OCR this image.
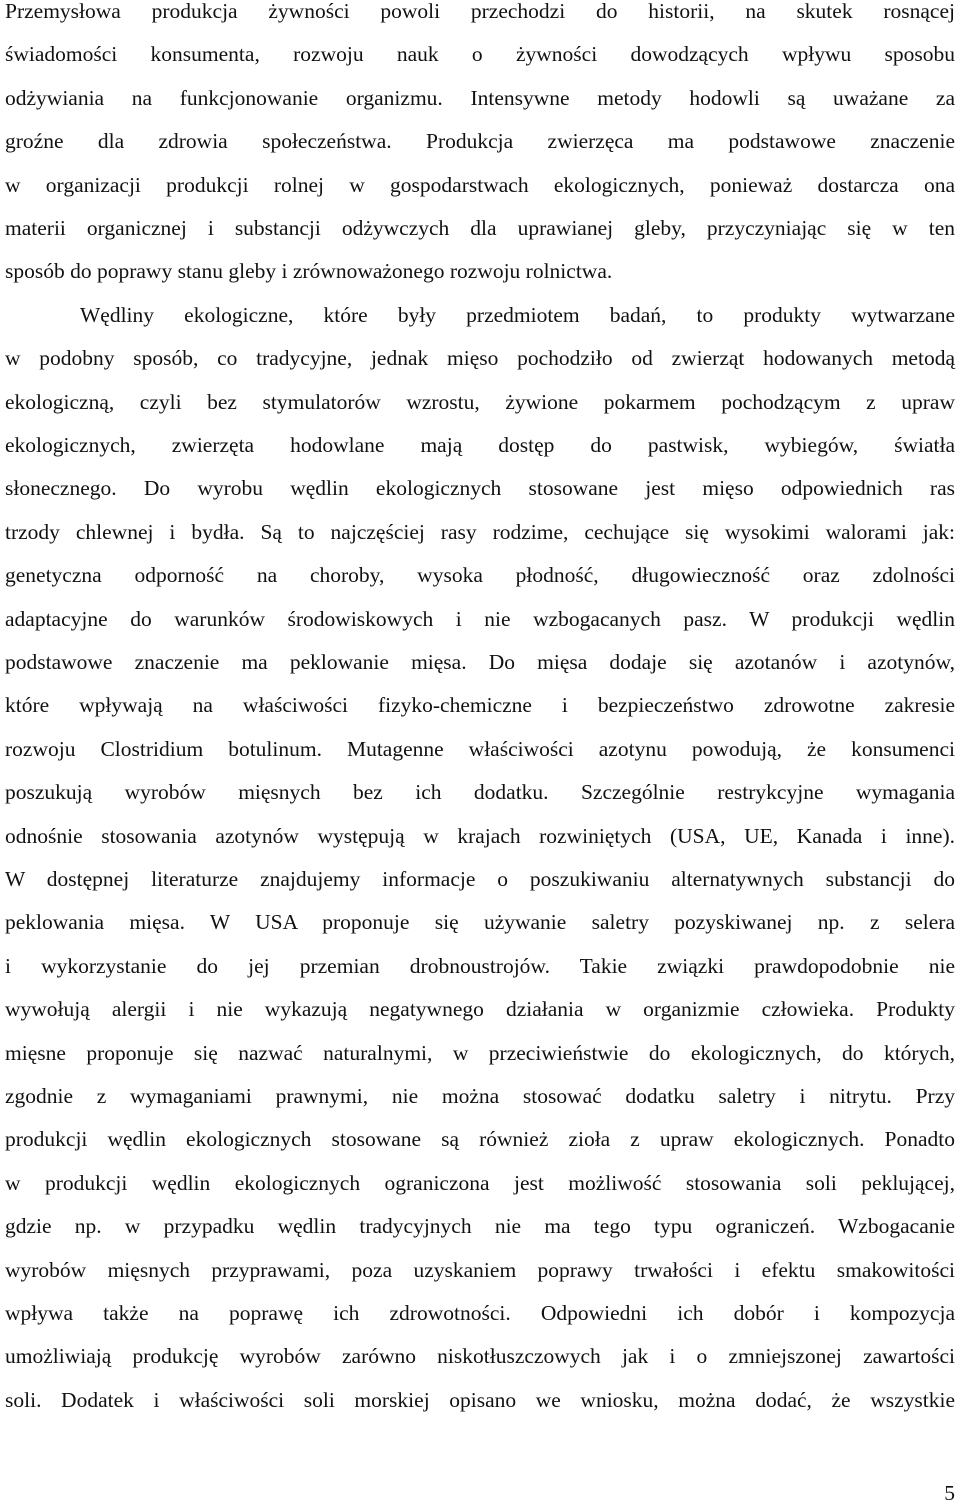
Przemysłowa produkcja żywności powoli przechodzi do historii, na skutek rosnącej
świadomości konsumenta, rozwoju nauk o żywności dowodzących wpływu sposobu
odżywiania na funkcjonowanie organizmu. Intensywne metody hodowli są uważane za
groźne dla zdrowia społeczeństwa. Produkcja zwierzęca ma podstawowe znaczenie
w organizacji produkcji rolnej w gospodarstwach ekologicznych, ponieważ dostarcza ona
materii organicznej i substancji odżywczych dla uprawianej gleby, przyczyniając się w ten
sposób do poprawy stanu gleby i zrównoważonego rozwoju rolnictwa.
Wędliny ekologiczne, które były przedmiotem badań, to produkty wytwarzane
w podobny sposób, co tradycyjne, jednak mięso pochodziło od zwierząt hodowanych metodą
ekologiczną, czyli bez stymulatorów wzrostu, żywione pokarmem pochodzącym z upraw
ekologicznych, zwierzęta hodowlane mają dostęp do pastwisk, wybiegów, światła
słonecznego. Do wyrobu wędlin ekologicznych stosowane jest mięso odpowiednich ras
trzody chlewnej i bydła. Są to najczęściej rasy rodzime, cechujące się wysokimi walorami jak:
genetyczna odporność na choroby, wysoka płodność, długowieczność oraz zdolności
adaptacyjne do warunków środowiskowych i nie wzbogacanych pasz. W produkcji wędlin
podstawowe znaczenie ma peklowanie mięsa. Do mięsa dodaje się azotanów i azotynów,
które wpływają na właściwości fizyko-chemiczne i bezpieczeństwo zdrowotne zakresie
rozwoju Clostridium botulinum. Mutagenne właściwości azotynu powodują, że konsumenci
poszukują wyrobów mięsnych bez ich dodatku. Szczególnie restrykcyjne wymagania
odnośnie stosowania azotynów występują w krajach rozwiniętych (USA, UE, Kanada i inne).
W dostępnej literaturze znajdujemy informacje o poszukiwaniu alternatywnych substancji do
peklowania mięsa. W USA proponuje się używanie saletry pozyskiwanej np. z selera
i wykorzystanie do jej przemian drobnoustrojów. Takie związki prawdopodobnie nie
wywołują alergii i nie wykazują negatywnego działania w organizmie człowieka. Produkty
mięsne proponuje się nazwać naturalnymi, w przeciwieństwie do ekologicznych, do których,
zgodnie z wymaganiami prawnymi, nie można stosować dodatku saletry i nitrytu. Przy
produkcji wędlin ekologicznych stosowane są również zioła z upraw ekologicznych. Ponadto
w produkcji wędlin ekologicznych ograniczona jest możliwość stosowania soli peklującej,
gdzie np. w przypadku wędlin tradycyjnych nie ma tego typu ograniczeń. Wzbogacanie
wyrobów mięsnych przyprawami, poza uzyskaniem poprawy trwałości i efektu smakowitości
wpływa także na poprawę ich zdrowotności. Odpowiedni ich dobór i kompozycja
umożliwiają produkcję wyrobów zarówno niskotłuszczowych jak i o zmniejszonej zawartości
soli. Dodatek i właściwości soli morskiej opisano we wniosku, można dodać, że wszystkie
5
